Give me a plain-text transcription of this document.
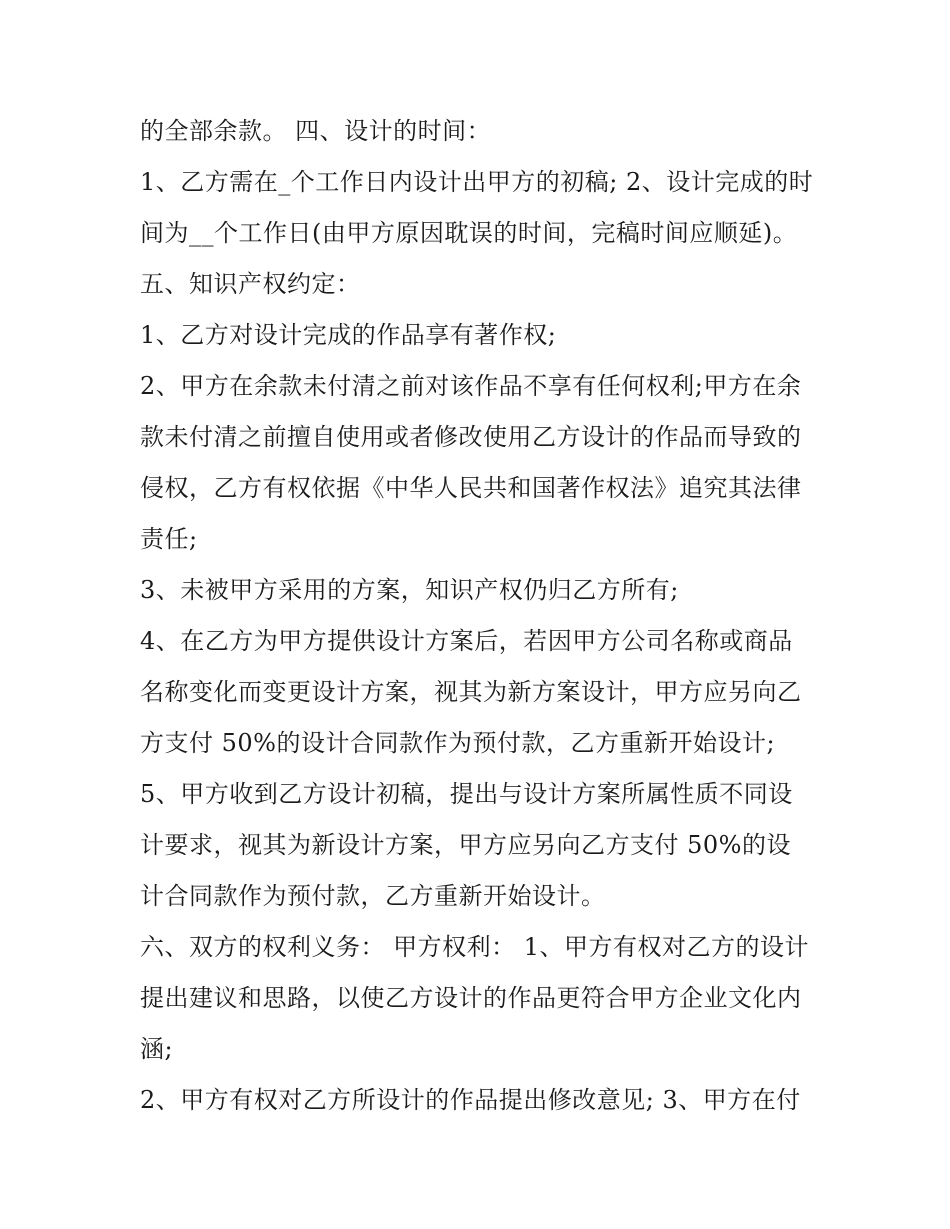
的全部余款。 四、设计的时间：
1、乙方需在_个工作日内设计出甲方的初稿; 2、设计完成的时
间为__个工作日(由甲方原因耽误的时间，完稿时间应顺延)。
五、知识产权约定：
1、乙方对设计完成的作品享有著作权;
2、甲方在余款未付清之前对该作品不享有任何权利;甲方在余
款未付清之前擅自使用或者修改使用乙方设计的作品而导致的
侵权，乙方有权依据《中华人民共和国著作权法》追究其法律
责任;
3、未被甲方采用的方案，知识产权仍归乙方所有;
4、在乙方为甲方提供设计方案后，若因甲方公司名称或商品
名称变化而变更设计方案，视其为新方案设计，甲方应另向乙
方支付 50%的设计合同款作为预付款，乙方重新开始设计;
5、甲方收到乙方设计初稿，提出与设计方案所属性质不同设
计要求，视其为新设计方案，甲方应另向乙方支付 50%的设
计合同款作为预付款，乙方重新开始设计。
六、双方的权利义务： 甲方权利： 1、甲方有权对乙方的设计
提出建议和思路，以使乙方设计的作品更符合甲方企业文化内
涵;
2、甲方有权对乙方所设计的作品提出修改意见; 3、甲方在付
